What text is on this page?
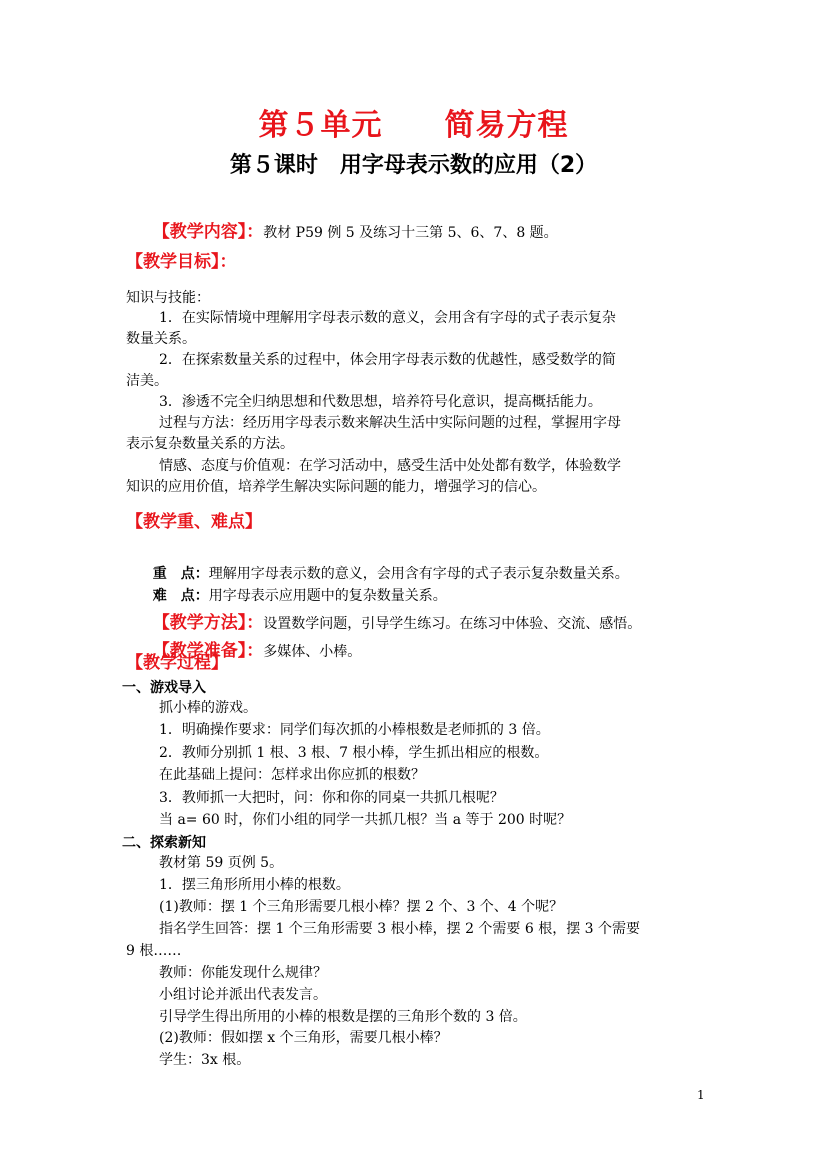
第５单元　　简易方程
第５课时　用字母表示数的应用（2）

【教学内容】：教材 P59 例 5 及练习十三第 5、6、7、8 题。

【教学目标】：
知识与技能：
1．在实际情境中理解用字母表示数的意义，会用含有字母的式子表示复杂
数量关系。
2．在探索数量关系的过程中，体会用字母表示数的优越性，感受数学的简
洁美。
3．渗透不完全归纳思想和代数思想，培养符号化意识，提高概括能力。
过程与方法：经历用字母表示数来解决生活中实际问题的过程，掌握用字母
表示复杂数量关系的方法。
情感、态度与价值观：在学习活动中，感受生活中处处都有数学，体验数学
知识的应用价值，培养学生解决实际问题的能力，增强学习的信心。
【教学重、难点】

重　点：理解用字母表示数的意义，会用含有字母的式子表示复杂数量关系。

难　点：用字母表示应用题中的复杂数量关系。

【教学方法】：设置数学问题，引导学生练习。在练习中体验、交流、感悟。

【教学准备】：多媒体、小棒。

【教学过程】
一、游戏导入
抓小棒的游戏。
1．明确操作要求：同学们每次抓的小棒根数是老师抓的 3 倍。
2．教师分别抓 1 根、3 根、7 根小棒，学生抓出相应的根数。
在此基础上提问：怎样求出你应抓的根数？
3．教师抓一大把时，问：你和你的同桌一共抓几根呢？
当 a= 60 时，你们小组的同学一共抓几根？当 a 等于 200 时呢？
二、探索新知
教材第 59 页例 5。
1．摆三角形所用小棒的根数。
(1)教师：摆 1 个三角形需要几根小棒？摆 2 个、3 个、4 个呢？
指名学生回答：摆 1 个三角形需要 3 根小棒，摆 2 个需要 6 根，摆 3 个需要
9 根……
教师：你能发现什么规律？
小组讨论并派出代表发言。
引导学生得出所用的小棒的根数是摆的三角形个数的 3 倍。
(2)教师：假如摆 x 个三角形，需要几根小棒？
学生：3x 根。
1
